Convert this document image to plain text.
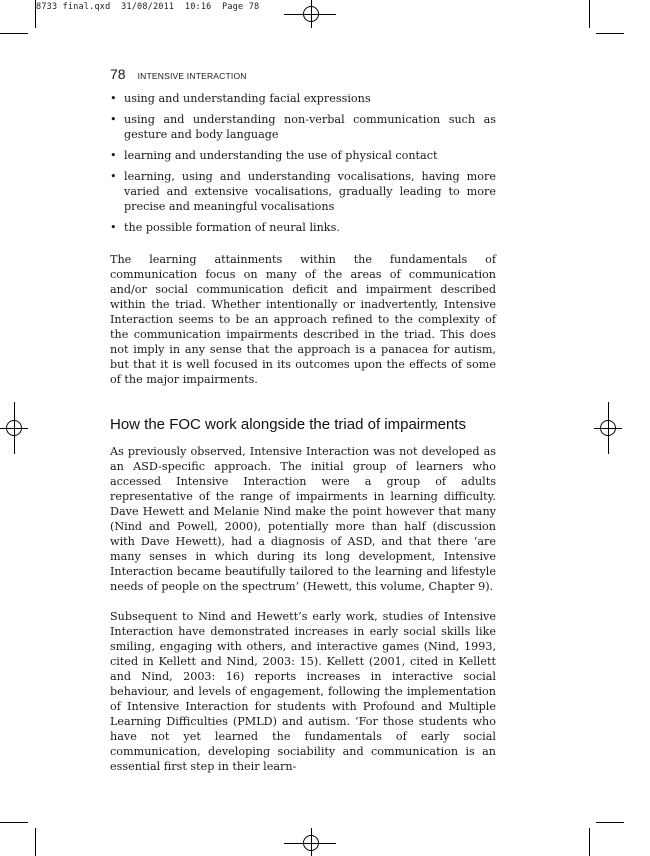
8733 final.qxd  31/08/2011  10:16  Page 78
78 INTENSIVE INTERACTION
• using and understanding facial expressions
• using and understanding non-verbal communication such as gesture and body language
• learning and understanding the use of physical contact
• learning, using and understanding vocalisations, having more varied and extensive vocalisations, gradually leading to more precise and meaningful vocalisations
• the possible formation of neural links.

The learning attainments within the fundamentals of communication focus on many of the areas of communication and/or social communication deficit and impairment described within the triad. Whether intentionally or inadvertently, Intensive Interaction seems to be an approach refined to the complexity of the communication impairments described in the triad. This does not imply in any sense that the approach is a panacea for autism, but that it is well focused in its outcomes upon the effects of some of the major impairments.

How the FOC work alongside the triad of impairments

As previously observed, Intensive Interaction was not developed as an ASD-specific approach. The initial group of learners who accessed Intensive Interaction were a group of adults representative of the range of impairments in learning difficulty. Dave Hewett and Melanie Nind make the point however that many (Nind and Powell, 2000), potentially more than half (discussion with Dave Hewett), had a diagnosis of ASD, and that there ‘are many senses in which during its long development, Intensive Interaction became beautifully tailored to the learning and lifestyle needs of people on the spectrum’ (Hewett, this volume, Chapter 9).

Subsequent to Nind and Hewett’s early work, studies of Intensive Interaction have demonstrated increases in early social skills like smiling, engaging with others, and interactive games (Nind, 1993, cited in Kellett and Nind, 2003: 15). Kellett (2001, cited in Kellett and Nind, 2003: 16) reports increases in interactive social behaviour, and levels of engagement, following the implementation of Intensive Interaction for students with Profound and Multiple Learning Difficulties (PMLD) and autism. ‘For those students who have not yet learned the fundamentals of early social communication, developing sociability and communication is an essential first step in their learn-
